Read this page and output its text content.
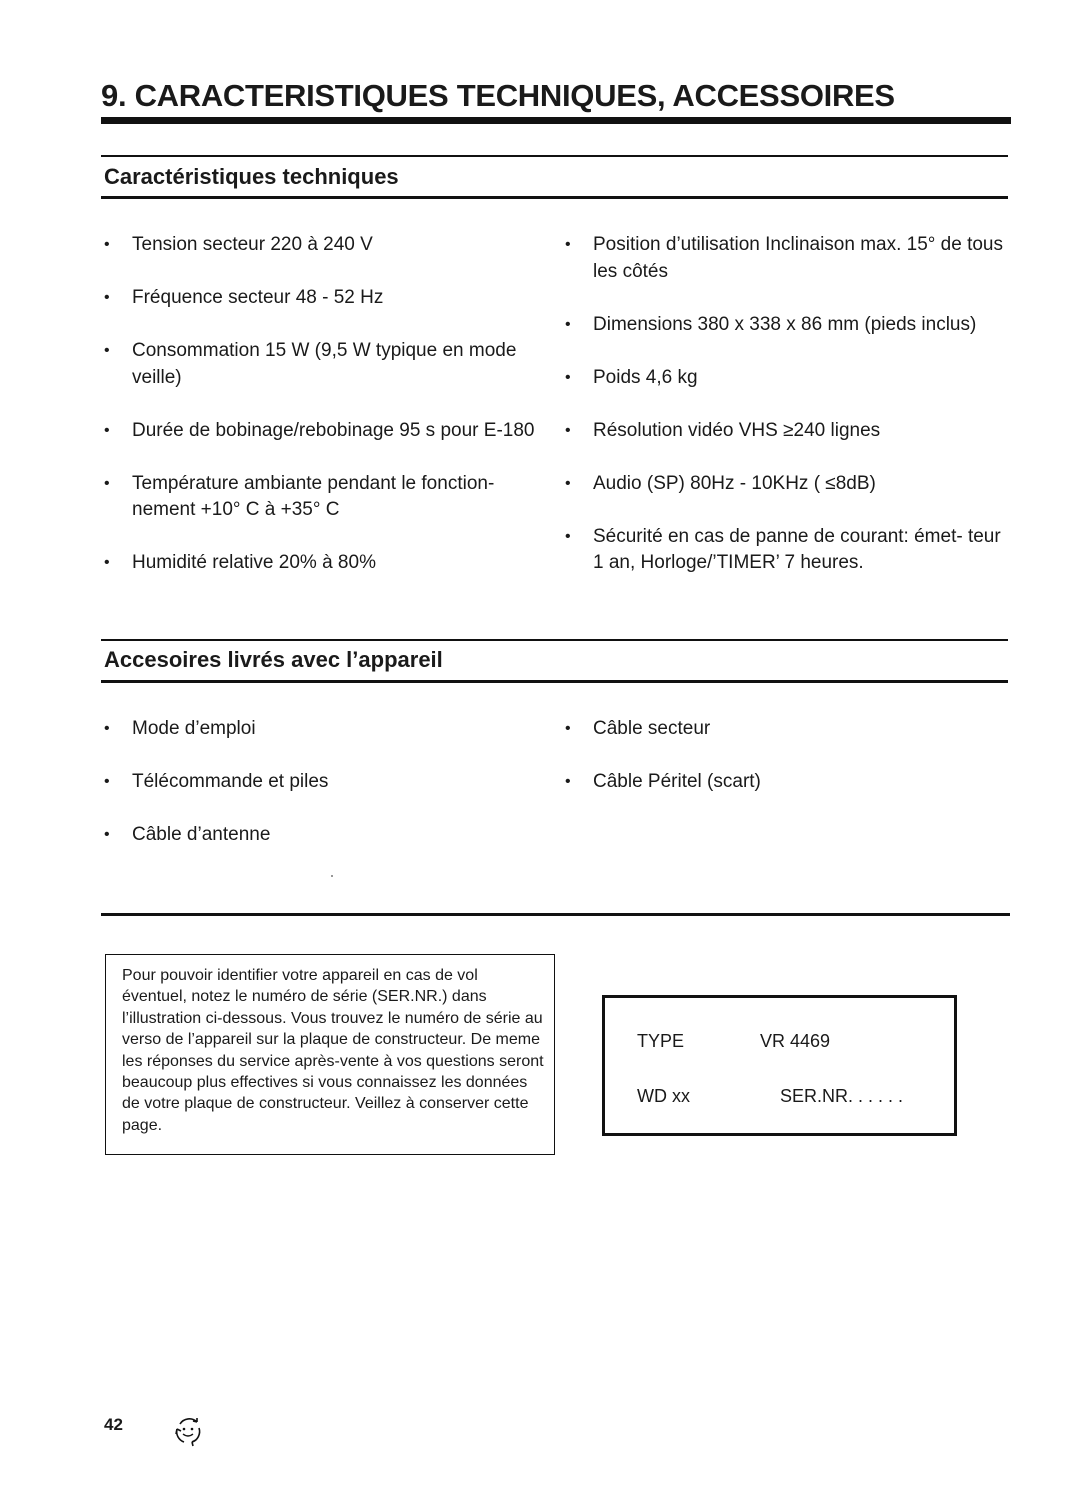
9. CARACTERISTIQUES TECHNIQUES, ACCESSOIRES
Caractéristiques techniques
• Tension secteur 220 à 240 V
• Fréquence secteur 48 - 52 Hz
• Consommation 15 W (9,5 W typique en mode veille)
• Durée de bobinage/rebobinage 95 s pour E-180
• Température ambiante pendant le fonction- nement +10° C à +35° C
• Humidité relative 20% à 80%
• Position d’utilisation Inclinaison max. 15° de tous les côtés
• Dimensions 380 x 338 x 86 mm (pieds inclus)
• Poids 4,6 kg
• Résolution vidéo VHS ≥240 lignes
• Audio (SP) 80Hz - 10KHz ( ≤8dB)
• Sécurité en cas de panne de courant: émet- teur 1 an, Horloge/’TIMER’ 7 heures.
Accesoires livrés avec l’appareil
• Mode d’emploi
• Télécommande et piles
• Câble d’antenne
• Câble secteur
• Câble Péritel (scart)
Pour pouvoir identifier votre appareil en cas de vol éventuel, notez le numéro de série (SER.NR.) dans l’illustration ci-dessous. Vous trouvez le numéro de série au verso de l’appareil sur la plaque de constructeur. De meme les réponses du service après-vente à vos questions seront beaucoup plus effectives si vous connaissez les données de votre plaque de constructeur. Veillez à conserver cette page.
TYPE	VR 4469
WD xx	SER.NR. . . . . .
42
